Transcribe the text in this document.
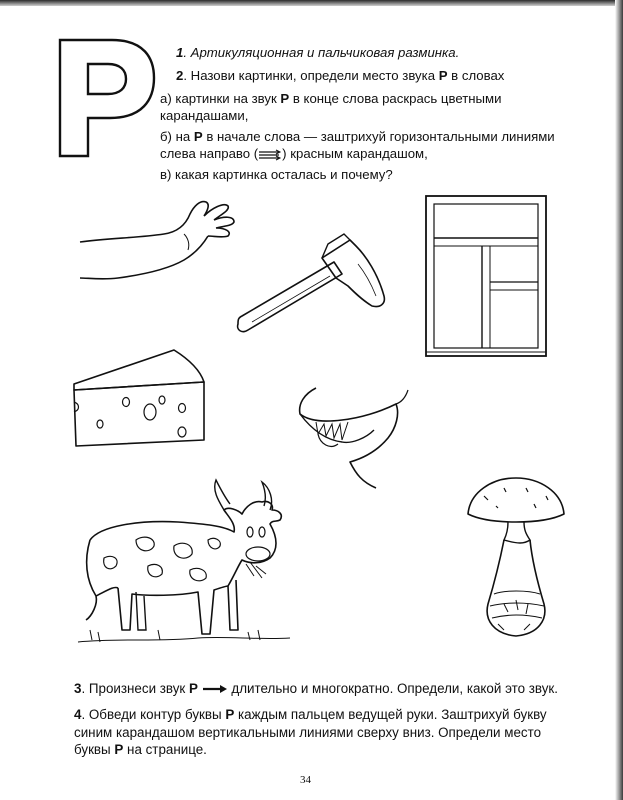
1. Артикуляционная и пальчиковая разминка.
2. Назови картинки, определи место звука Р в словах
а) картинки на звук Р в конце слова раскрась цветными карандашами,
б) на Р в начале слова — заштрихуй горизонтальными линиями слева направо ( ) красным карандашом,
в) какая картинка осталась и почему?
3. Произнеси звук Р  длительно и многократно. Определи, какой это звук.
4. Обведи контур буквы Р каждым пальцем ведущей руки. Заштрихуй букву синим карандашом вертикальными линиями сверху вниз. Определи место буквы Р на странице.
34
